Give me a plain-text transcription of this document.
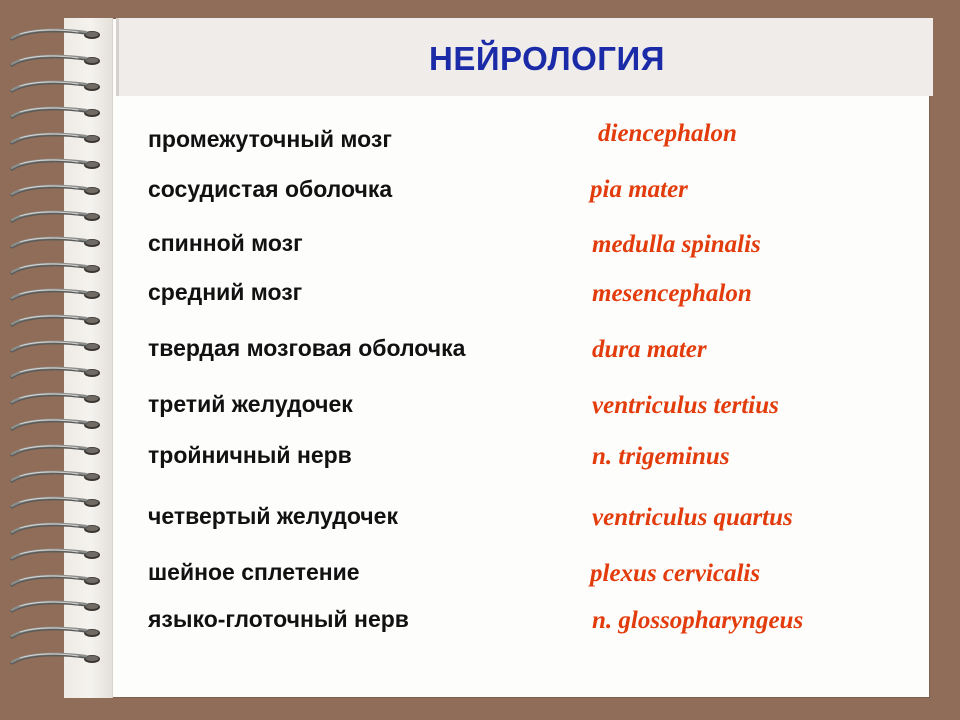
НЕЙРОЛОГИЯ
промежуточный мозг	diencephalon
сосудистая оболочка	pia mater
спинной мозг	medulla spinalis
средний мозг	mesencephalon
твердая мозговая оболочка	dura mater
третий желудочек	ventriculus tertius
тройничный нерв	n. trigeminus
четвертый желудочек	ventriculus quartus
шейное сплетение	plexus cervicalis
языко-глоточный нерв	n. glossopharyngeus
